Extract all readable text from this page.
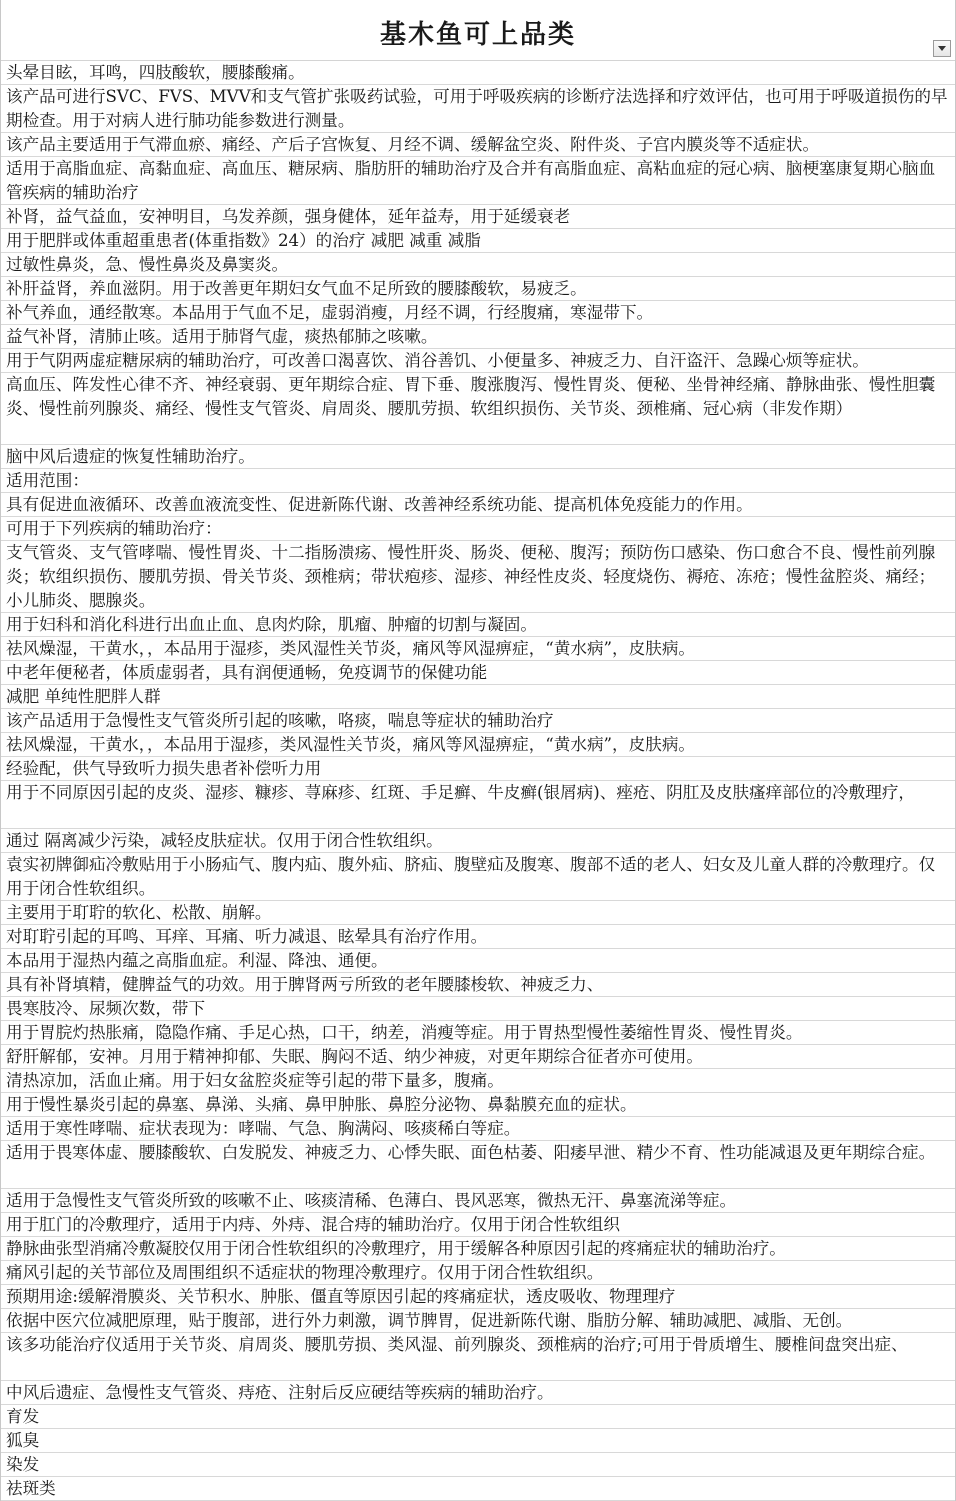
基木鱼可上品类
头晕目眩，耳鸣，四肢酸软，腰膝酸痛。
该产品可进行SVC、FVS、MVV和支气管扩张吸药试验，可用于呼吸疾病的诊断疗法选择和疗效评估，也可用于呼吸道损伤的早期检查。用于对病人进行肺功能参数进行测量。
该产品主要适用于气滞血瘀、痛经、产后子宫恢复、月经不调、缓解盆空炎、附件炎、子宫内膜炎等不适症状。
适用于高脂血症、高黏血症、高血压、糖尿病、脂肪肝的辅助治疗及合并有高脂血症、高粘血症的冠心病、脑梗塞康复期心脑血管疾病的辅助治疗
补肾，益气益血，安神明目，乌发养颜，强身健体，延年益寿，用于延缓衰老
用于肥胖或体重超重患者(体重指数》24）的治疗 减肥 减重 减脂
过敏性鼻炎，急、慢性鼻炎及鼻窦炎。
补肝益肾，养血滋阴。用于改善更年期妇女气血不足所致的腰膝酸软，易疲乏。
补气养血，通经散寒。本品用于气血不足，虚弱消瘦，月经不调，行经腹痛，寒湿带下。
益气补肾，清肺止咳。适用于肺肾气虚，痰热郁肺之咳嗽。
用于气阴两虚症糖尿病的辅助治疗，可改善口渴喜饮、消谷善饥、小便量多、神疲乏力、自汗盗汗、急躁心烦等症状。
高血压、阵发性心律不齐、神经衰弱、更年期综合症、胃下垂、腹涨腹泻、慢性胃炎、便秘、坐骨神经痛、静脉曲张、慢性胆囊炎、慢性前列腺炎、痛经、慢性支气管炎、肩周炎、腰肌劳损、软组织损伤、关节炎、颈椎痛、冠心病（非发作期）
脑中风后遗症的恢复性辅助治疗。
适用范围：
具有促进血液循环、改善血液流变性、促进新陈代谢、改善神经系统功能、提高机体免疫能力的作用。
可用于下列疾病的辅助治疗：
支气管炎、支气管哮喘、慢性胃炎、十二指肠溃疡、慢性肝炎、肠炎、便秘、腹泻；预防伤口感染、伤口愈合不良、慢性前列腺炎；软组织损伤、腰肌劳损、骨关节炎、颈椎病；带状疱疹、湿疹、神经性皮炎、轻度烧伤、褥疮、冻疮；慢性盆腔炎、痛经；小儿肺炎、腮腺炎。
用于妇科和消化科进行出血止血、息肉灼除，肌瘤、肿瘤的切割与凝固。
祛风燥湿，干黄水，，本品用于湿疹，类风湿性关节炎，痛风等风湿痹症，“黄水病”，皮肤病。
中老年便秘者，体质虚弱者，具有润便通畅，免疫调节的保健功能
减肥 单纯性肥胖人群
该产品适用于急慢性支气管炎所引起的咳嗽，咯痰，喘息等症状的辅助治疗
祛风燥湿，干黄水，，本品用于湿疹，类风湿性关节炎，痛风等风湿痹症，“黄水病”，皮肤病。
经验配，供气导致听力损失患者补偿听力用
用于不同原因引起的皮炎、湿疹、糠疹、荨麻疹、红斑、手足癣、牛皮癣(银屑病)、痤疮、阴肛及皮肤瘙痒部位的冷敷理疗，
通过 隔离减少污染，减轻皮肤症状。仅用于闭合性软组织。
袁实初牌御疝冷敷贴用于小肠疝气、腹内疝、腹外疝、脐疝、腹壁疝及腹寒、腹部不适的老人、妇女及儿童人群的冷敷理疗。仅用于闭合性软组织。
主要用于耵聍的软化、松散、崩解。
对耵聍引起的耳鸣、耳痒、耳痛、听力减退、眩晕具有治疗作用。
本品用于湿热内蕴之高脂血症。利湿、降浊、通便。
具有补肾填精，健脾益气的功效。用于脾肾两亏所致的老年腰膝梭软、神疲乏力、
畏寒肢冷、尿频次数，带下
用于胃脘灼热胀痛，隐隐作痛、手足心热，口干，纳差，消瘦等症。用于胃热型慢性萎缩性胃炎、慢性胃炎。
舒肝解郁，安神。月用于精神抑郁、失眠、胸闷不适、纳少神疲，对更年期综合征者亦可使用。
清热凉加，活血止痛。用于妇女盆腔炎症等引起的带下量多，腹痛。
用于慢性暴炎引起的鼻塞、鼻涕、头痛、鼻甲肿胀、鼻腔分泌物、鼻黏膜充血的症状。
适用于寒性哮喘、症状表现为：哮喘、气急、胸满闷、咳痰稀白等症。
适用于畏寒体虚、腰膝酸软、白发脱发、神疲乏力、心悸失眠、面色枯萎、阳痿早泄、精少不育、性功能减退及更年期综合症。
适用于急慢性支气管炎所致的咳嗽不止、咳痰清稀、色薄白、畏风恶寒，微热无汗、鼻塞流涕等症。
用于肛门的冷敷理疗，适用于内痔、外痔、混合痔的辅助治疗。仅用于闭合性软组织
静脉曲张型消痛冷敷凝胶仅用于闭合性软组织的冷敷理疗，用于缓解各种原因引起的疼痛症状的辅助治疗。
痛风引起的关节部位及周围组织不适症状的物理冷敷理疗。仅用于闭合性软组织。
预期用途:缓解滑膜炎、关节积水、肿胀、僵直等原因引起的疼痛症状，透皮吸收、物理理疗
依据中医穴位减肥原理，贴于腹部，进行外力刺激，调节脾胃，促进新陈代谢、脂肪分解、辅助减肥、减脂、无创。
该多功能治疗仪适用于关节炎、肩周炎、腰肌劳损、类风湿、前列腺炎、颈椎病的治疗;可用于骨质增生、腰椎间盘突出症、
中风后遗症、急慢性支气管炎、痔疮、注射后反应硬结等疾病的辅助治疗。
育发
狐臭
染发
祛斑类
